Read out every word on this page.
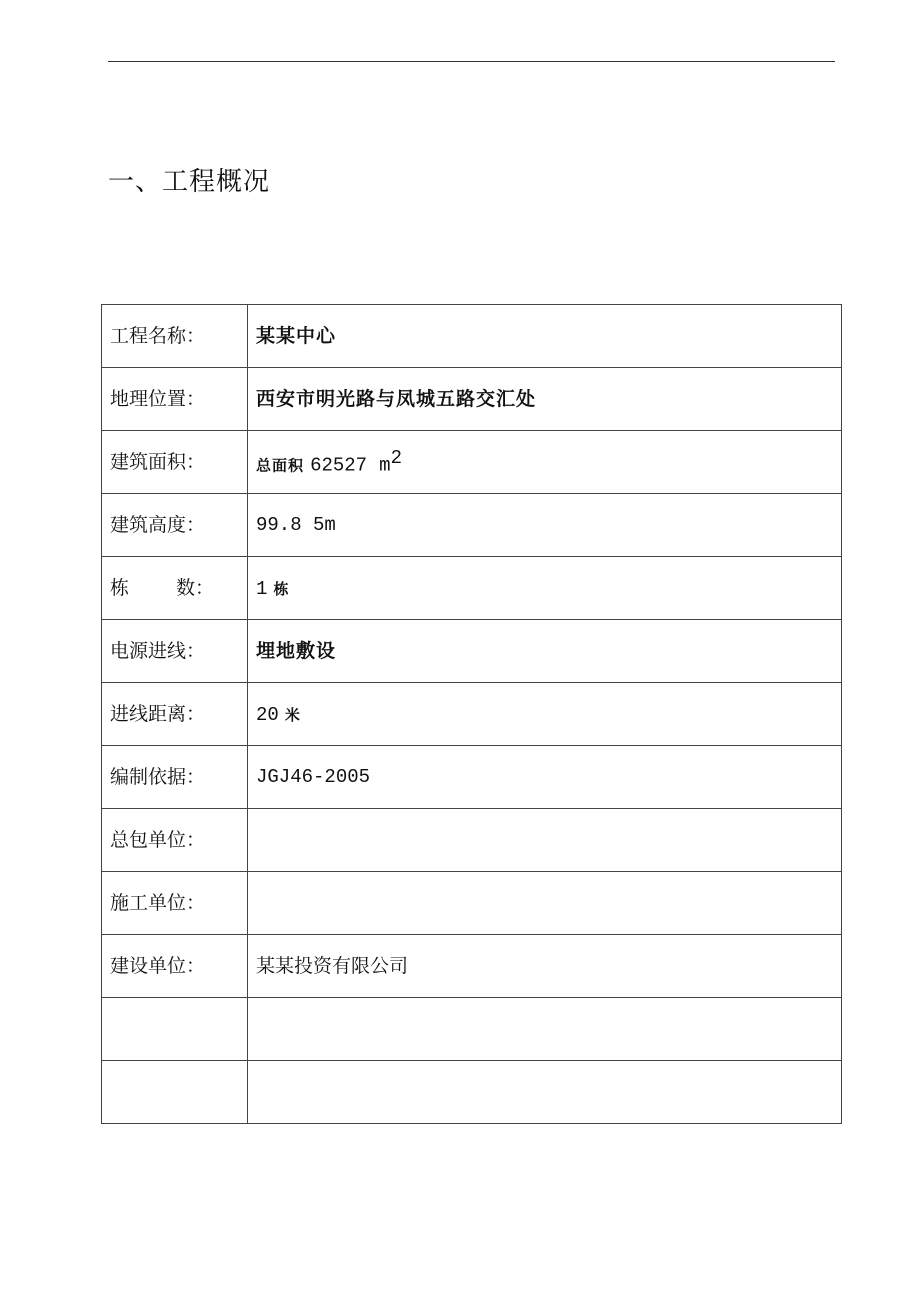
一、工程概况
工程名称：	某某中心
地理位置：	西安市明光路与凤城五路交汇处
建筑面积：	总面积 62527 $m^2$
建筑高度：	99.8 5m
栋 数：	1 栋
电源进线：	埋地敷设
进线距离：	20 米
编制依据：	JGJ46-2005
总包单位：	
施工单位：	
建设单位：	某某投资有限公司
